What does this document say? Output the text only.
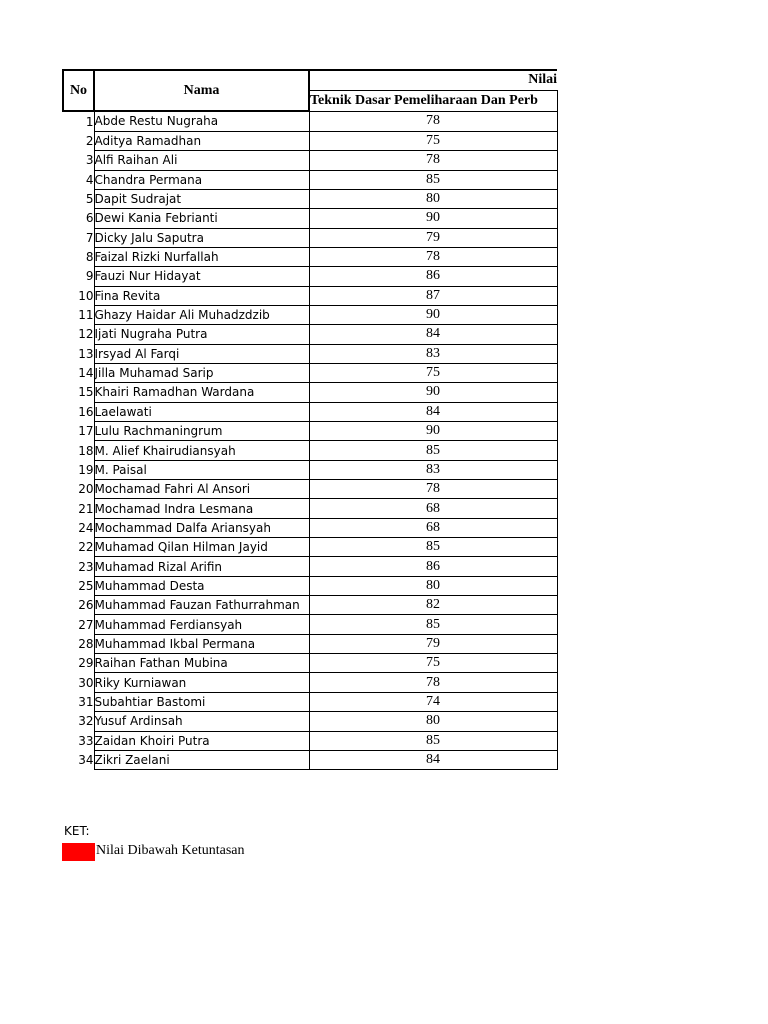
No	Nama	Nilai
		Teknik Dasar Pemeliharaan Dan Perb
1	Abde Restu Nugraha	78
2	Aditya Ramadhan	75
3	Alfi Raihan Ali	78
4	Chandra Permana	85
5	Dapit Sudrajat	80
6	Dewi Kania Febrianti	90
7	Dicky Jalu Saputra	79
8	Faizal Rizki Nurfallah	78
9	Fauzi Nur Hidayat	86
10	Fina Revita	87
11	Ghazy Haidar Ali Muhadzdzib	90
12	Ijati Nugraha Putra	84
13	Irsyad Al Farqi	83
14	Jilla Muhamad Sarip	75
15	Khairi Ramadhan Wardana	90
16	Laelawati	84
17	Lulu Rachmaningrum	90
18	M. Alief Khairudiansyah	85
19	M. Paisal	83
20	Mochamad Fahri Al Ansori	78
21	Mochamad Indra Lesmana	68
24	Mochammad Dalfa Ariansyah	68
22	Muhamad Qilan Hilman Jayid	85
23	Muhamad Rizal Arifin	86
25	Muhammad Desta	80
26	Muhammad Fauzan Fathurrahman	82
27	Muhammad Ferdiansyah	85
28	Muhammad Ikbal Permana	79
29	Raihan Fathan Mubina	75
30	Riky Kurniawan	78
31	Subahtiar Bastomi	74
32	Yusuf Ardinsah	80
33	Zaidan Khoiri Putra	85
34	Zikri Zaelani	84
KET:
Nilai Dibawah Ketuntasan
